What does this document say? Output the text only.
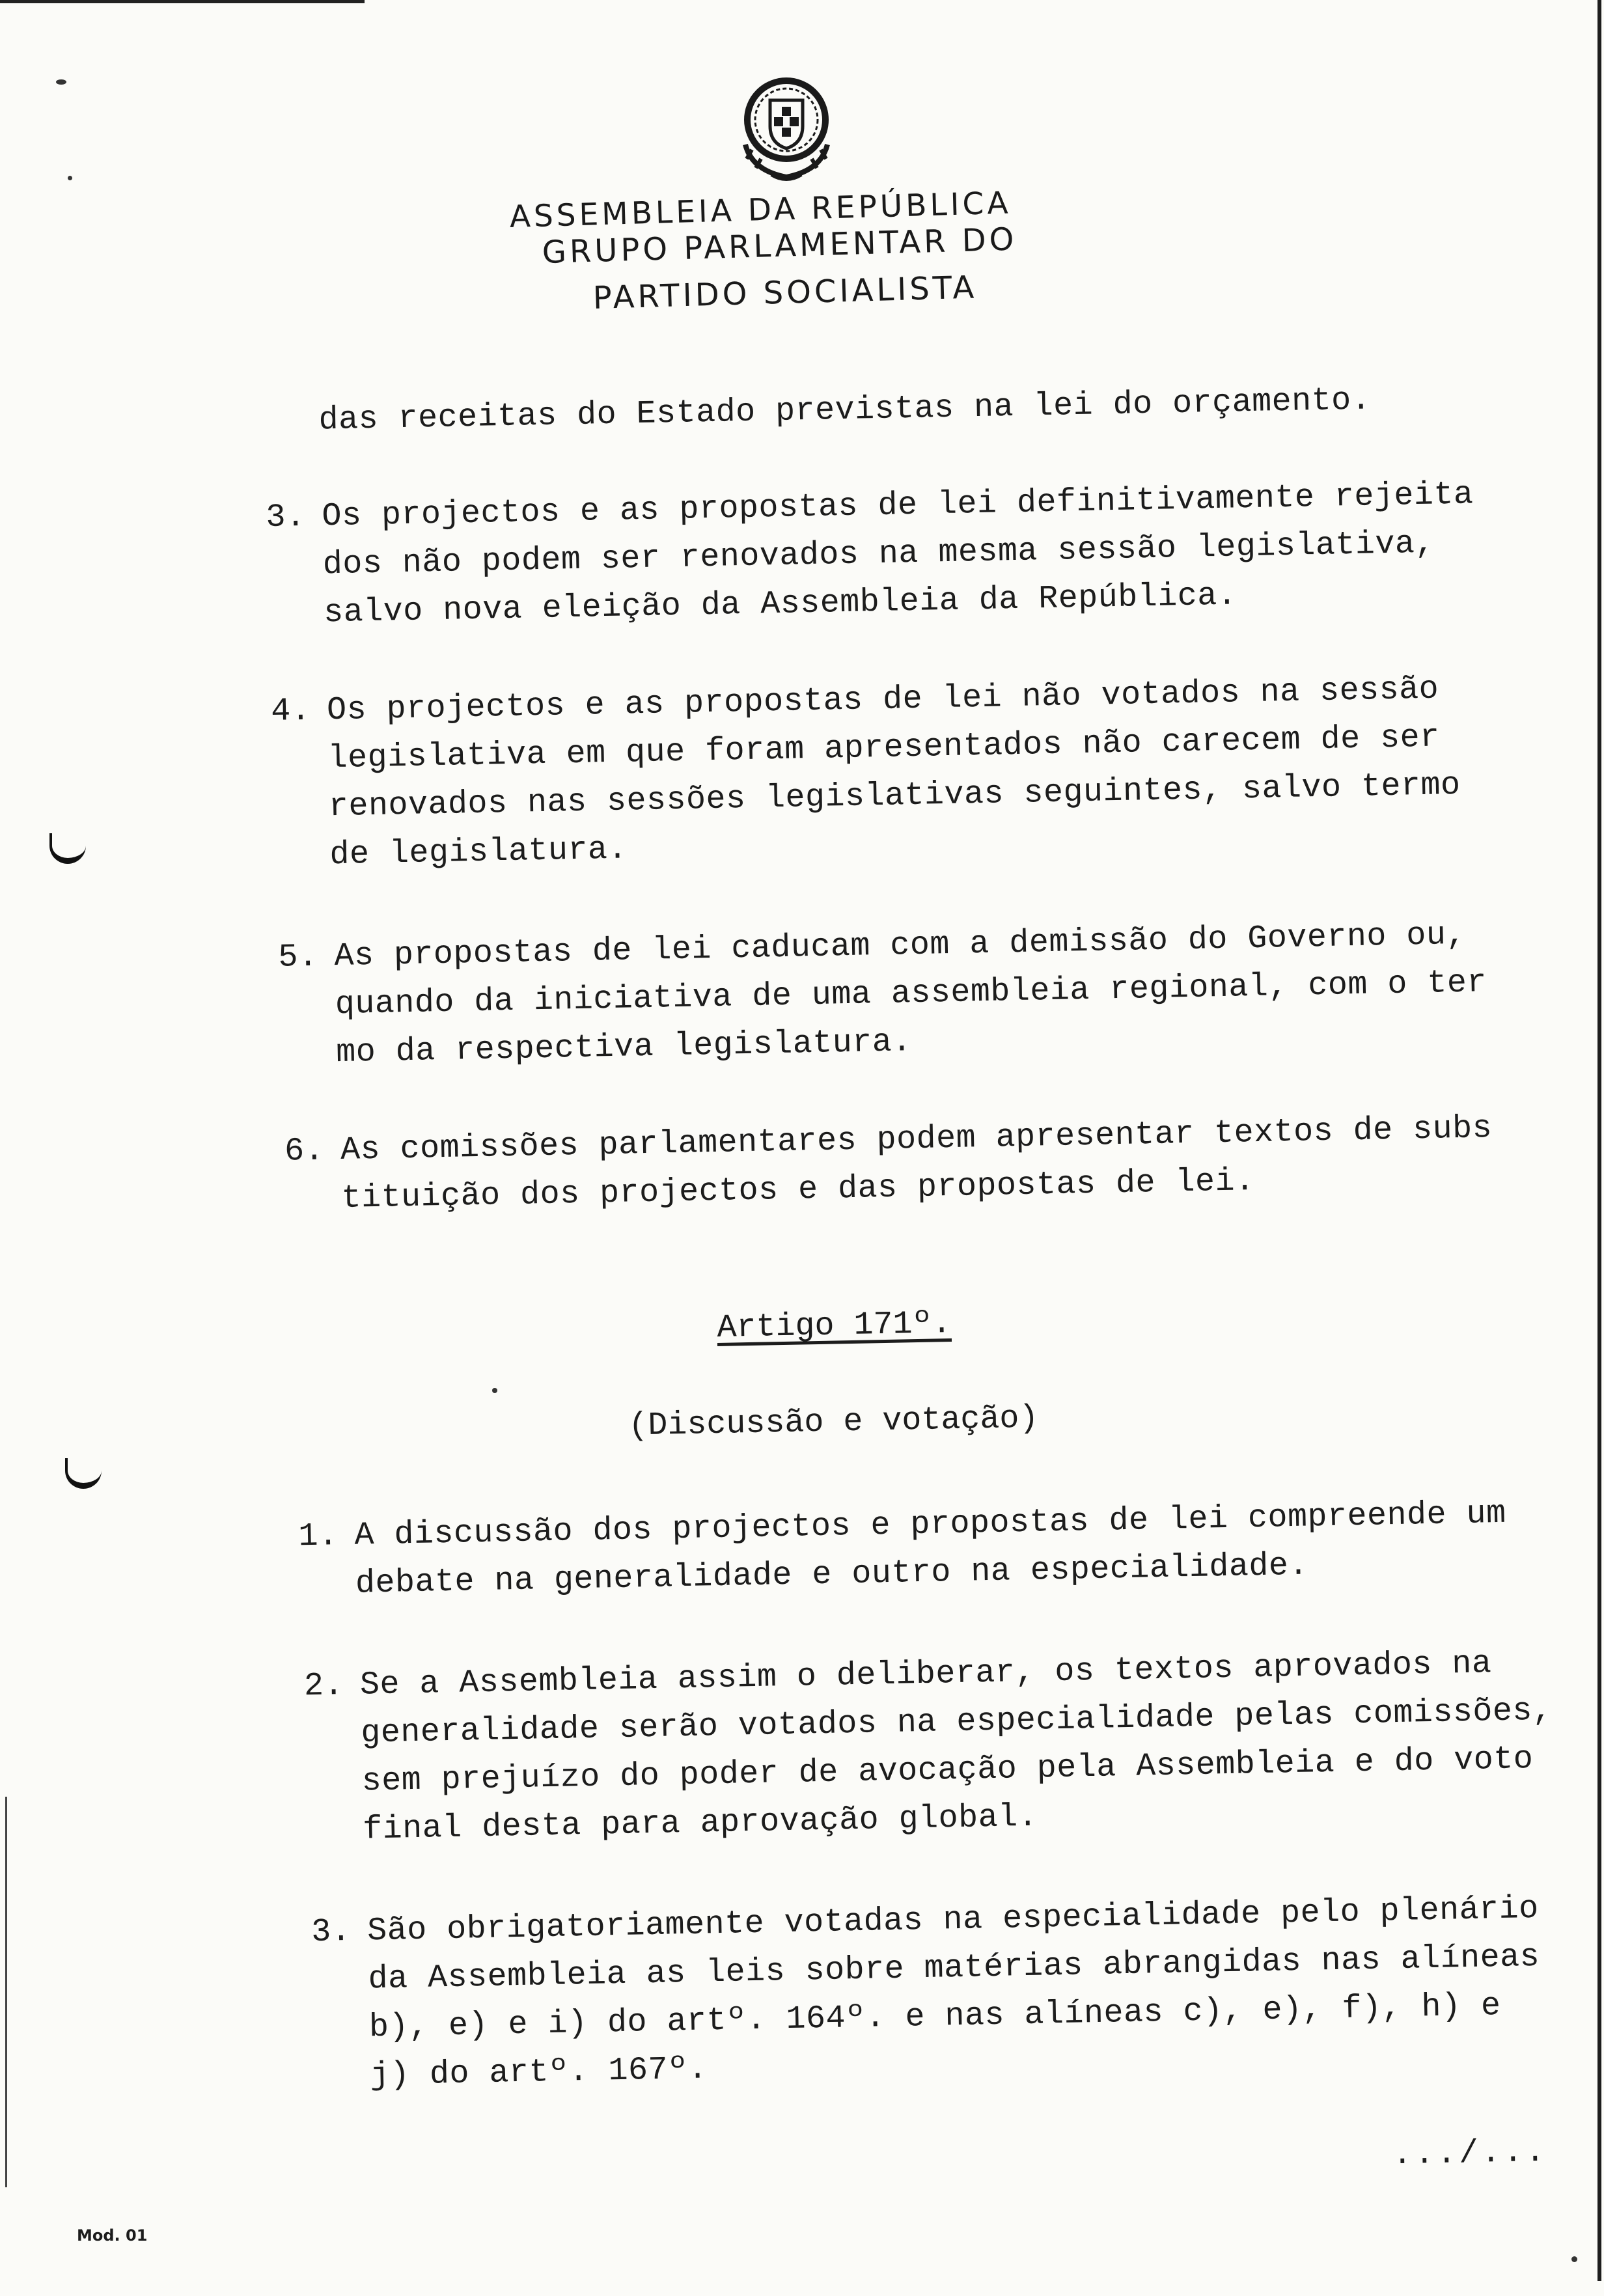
ASSEMBLEIA DA REPÚBLICA
GRUPO PARLAMENTAR DO
PARTIDO SOCIALISTA
das receitas do Estado previstas na lei do orçamento.
3. Os projectos e as propostas de lei definitivamente rejeita
dos não podem ser renovados na mesma sessão legislativa,
salvo nova eleição da Assembleia da República.
4. Os projectos e as propostas de lei não votados na sessão
legislativa em que foram apresentados não carecem de ser
renovados nas sessões legislativas seguintes, salvo termo
de legislatura.
5. As propostas de lei caducam com a demissão do Governo ou,
quando da iniciativa de uma assembleia regional, com o ter
mo da respectiva legislatura.
6. As comissões parlamentares podem apresentar textos de subs
tituição dos projectos e das propostas de lei.
Artigo 171º.
(Discussão e votação)
1. A discussão dos projectos e propostas de lei compreende um
debate na generalidade e outro na especialidade.
2. Se a Assembleia assim o deliberar, os textos aprovados na
generalidade serão votados na especialidade pelas comissões,
sem prejuízo do poder de avocação pela Assembleia e do voto
final desta para aprovação global.
3. São obrigatoriamente votadas na especialidade pelo plenário
da Assembleia as leis sobre matérias abrangidas nas alíneas
b), e) e i) do artº. 164º. e nas alíneas c), e), f), h) e
j) do artº. 167º.
.../...
Mod. 01
